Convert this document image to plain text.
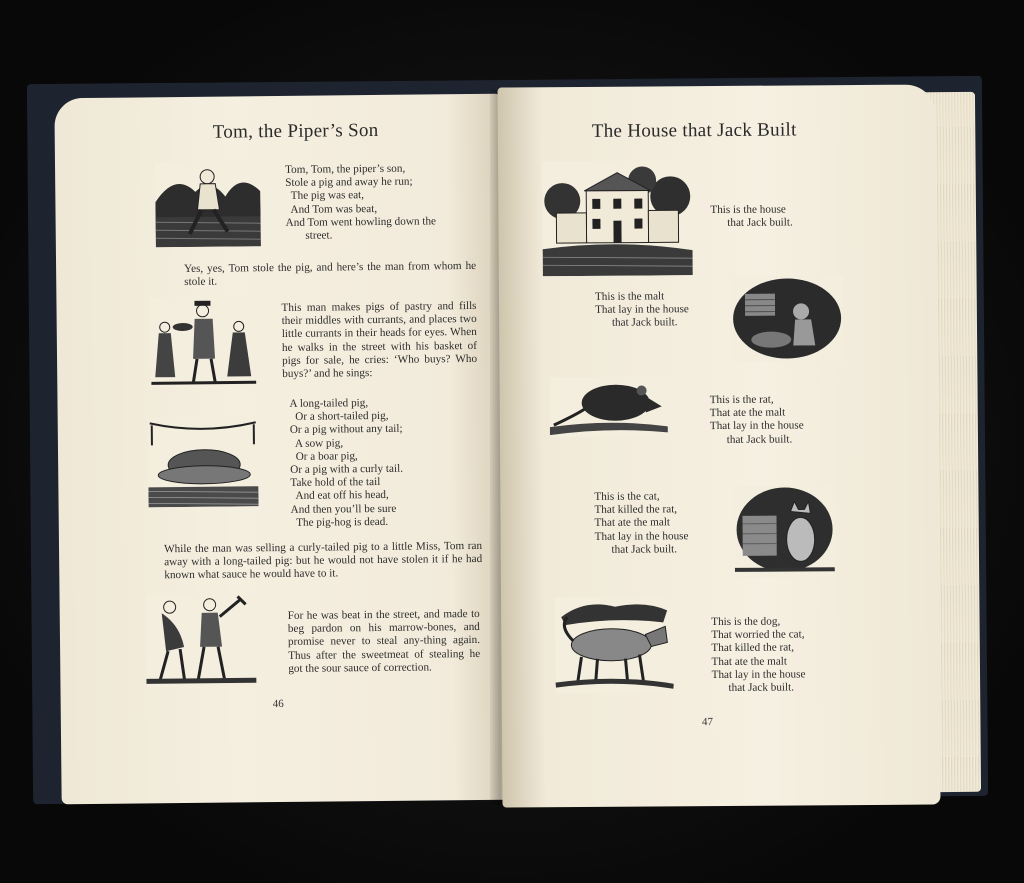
Tom, the Piper’s Son
Tom, Tom, the piper’s son,
Stole a pig and away he run;
The pig was eat,
And Tom was beat,
And Tom went howling down the
street.
Yes, yes, Tom stole the pig, and here’s the man from whom he stole it.
This man makes pigs of pastry and fills their middles with currants, and places two little currants in their heads for eyes. When he walks in the street with his basket of pigs for sale, he cries: ‘Who buys? Who buys?’ and he sings:
A long-tailed pig,
Or a short-tailed pig,
Or a pig without any tail;
A sow pig,
Or a boar pig,
Or a pig with a curly tail.
Take hold of the tail
And eat off his head,
And then you’ll be sure
The pig-hog is dead.
While the man was selling a curly-tailed pig to a little Miss, Tom ran away with a long-tailed pig: but he would not have stolen it if he had known what sauce he would have to it.
For he was beat in the street, and made to beg pardon on his marrow-bones, and promise never to steal any-thing again. Thus after the sweetmeat of stealing he got the sour sauce of correction.
46
The House that Jack Built
This is the house
that Jack built.
This is the malt
That lay in the house
that Jack built.
This is the rat,
That ate the malt
That lay in the house
that Jack built.
This is the cat,
That killed the rat,
That ate the malt
That lay in the house
that Jack built.
This is the dog,
That worried the cat,
That killed the rat,
That ate the malt
That lay in the house
that Jack built.
47
